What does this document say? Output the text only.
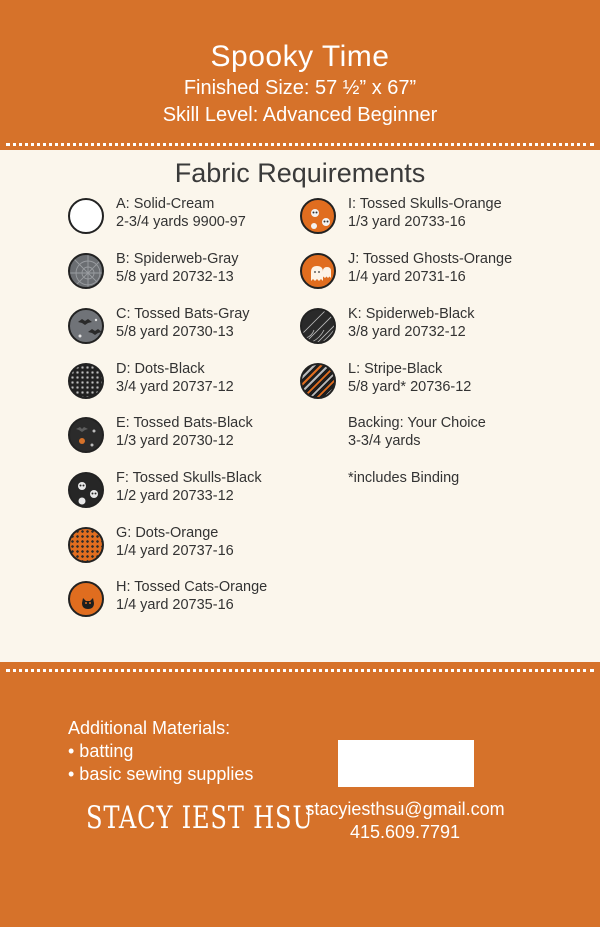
Spooky Time
Finished Size: 57 ½” x 67”
Skill Level: Advanced Beginner
Fabric Requirements
A: Solid-Cream
2-3/4 yards 9900-97
B: Spiderweb-Gray
5/8 yard 20732-13
C: Tossed Bats-Gray
5/8 yard 20730-13
D: Dots-Black
3/4 yard 20737-12
E: Tossed Bats-Black
1/3 yard 20730-12
F: Tossed Skulls-Black
1/2 yard 20733-12
G: Dots-Orange
1/4 yard 20737-16
H: Tossed Cats-Orange
1/4 yard 20735-16
I: Tossed Skulls-Orange
1/3 yard 20733-16
J: Tossed Ghosts-Orange
1/4 yard 20731-16
K: Spiderweb-Black
3/8 yard 20732-12
L: Stripe-Black
5/8 yard* 20736-12
Backing: Your Choice
3-3/4 yards
*includes Binding
Additional Materials:
• batting
• basic sewing supplies
STACY IEST HSU
stacyiesthsu@gmail.com
415.609.7791
